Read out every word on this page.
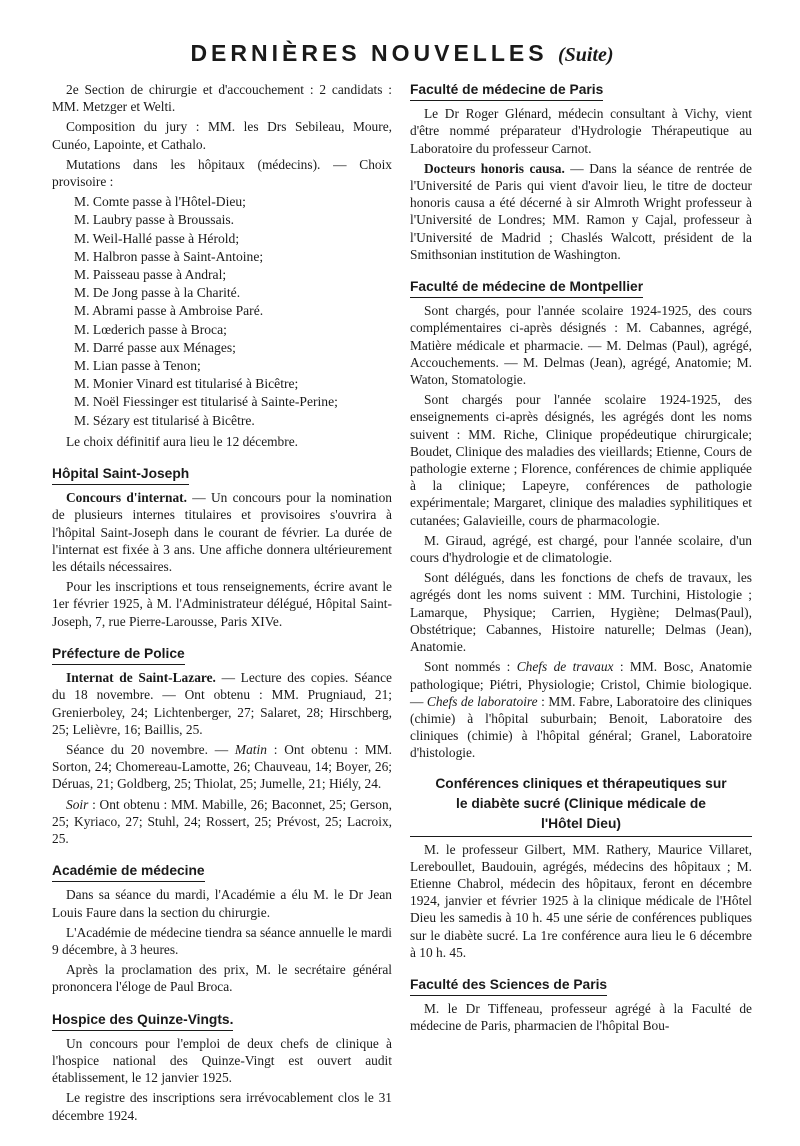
DERNIÈRES NOUVELLES (Suite)

2e Section de chirurgie et d'accouchement : 2 candidats : MM. Metzger et Welti.

Composition du jury : MM. les Drs Sebileau, Moure, Cunéo, Lapointe, et Cathalo.

Mutations dans les hôpitaux (médecins). — Choix provisoire :

M. Comte passe à l'Hôtel-Dieu;
M. Laubry passe à Broussais.
M. Weil-Hallé passe à Hérold;
M. Halbron passe à Saint-Antoine;
M. Paisseau passe à Andral;
M. De Jong passe à la Charité.
M. Abrami passe à Ambroise Paré.
M. Lœderich passe à Broca;
M. Darré passe aux Ménages;
M. Lian passe à Tenon;
M. Monier Vinard est titularisé à Bicêtre;
M. Noël Fiessinger est titularisé à Sainte-Perine;
M. Sézary est titularisé à Bicêtre.

Le choix définitif aura lieu le 12 décembre.

Hôpital Saint-Joseph

Concours d'internat. — Un concours pour la nomination de plusieurs internes titulaires et provisoires s'ouvrira à l'hôpital Saint-Joseph dans le courant de février. La durée de l'internat est fixée à 3 ans. Une affiche donnera ultérieurement les détails nécessaires.

Pour les inscriptions et tous renseignements, écrire avant le 1er février 1925, à M. l'Administrateur délégué, Hôpital Saint-Joseph, 7, rue Pierre-Larousse, Paris XIVe.

Préfecture de Police

Internat de Saint-Lazare. — Lecture des copies. Séance du 18 novembre. — Ont obtenu : MM. Prugniaud, 21; Grenierboley, 24; Lichtenberger, 27; Salaret, 28; Hirschberg, 25; Lelièvre, 16; Baillis, 25.

Séance du 20 novembre. — Matin : Ont obtenu : MM. Sorton, 24; Chomereau-Lamotte, 26; Chauveau, 14; Boyer, 26; Déruas, 21; Goldberg, 25; Thiolat, 25; Jumelle, 21; Hiély, 24.

Soir : Ont obtenu : MM. Mabille, 26; Baconnet, 25; Gerson, 25; Kyriaco, 27; Stuhl, 24; Rossert, 25; Prévost, 25; Lacroix, 25.

Académie de médecine

Dans sa séance du mardi, l'Académie a élu M. le Dr Jean Louis Faure dans la section du chirurgie.

L'Académie de médecine tiendra sa séance annuelle le mardi 9 décembre, à 3 heures.

Après la proclamation des prix, M. le secrétaire général prononcera l'éloge de Paul Broca.

Hospice des Quinze-Vingts.

Un concours pour l'emploi de deux chefs de clinique à l'hospice national des Quinze-Vingt est ouvert audit établissement, le 12 janvier 1925.

Le registre des inscriptions sera irrévocablement clos le 31 décembre 1924.

Faculté de médecine de Paris

Le Dr Roger Glénard, médecin consultant à Vichy, vient d'être nommé préparateur d'Hydrologie Thérapeutique au Laboratoire du professeur Carnot.

Docteurs honoris causa. — Dans la séance de rentrée de l'Université de Paris qui vient d'avoir lieu, le titre de docteur honoris causa a été décerné à sir Almroth Wright professeur à l'Université de Londres; MM. Ramon y Cajal, professeur à l'Université de Madrid ; Chaslés Walcott, président de la Smithsonian institution de Washington.

Faculté de médecine de Montpellier

Sont chargés, pour l'année scolaire 1924-1925, des cours complémentaires ci-après désignés : M. Cabannes, agrégé, Matière médicale et pharmacie. — M. Delmas (Paul), agrégé, Accouchements. — M. Delmas (Jean), agrégé, Anatomie; M. Waton, Stomatologie.

Sont chargés pour l'année scolaire 1924-1925, des enseignements ci-après désignés, les agrégés dont les noms suivent : MM. Riche, Clinique propédeutique chirurgicale; Boudet, Clinique des maladies des vieillards; Etienne, Cours de pathologie externe ; Florence, conférences de chimie appliquée à la clinique; Lapeyre, conférences de pathologie expérimentale; Margaret, clinique des maladies syphilitiques et cutanées; Galavieille, cours de pharmacologie.

M. Giraud, agrégé, est chargé, pour l'année scolaire, d'un cours d'hydrologie et de climatologie.

Sont délégués, dans les fonctions de chefs de travaux, les agrégés dont les noms suivent : MM. Turchini, Histologie ; Lamarque, Physique; Carrien, Hygiène; Delmas(Paul), Obstétrique; Cabannes, Histoire naturelle; Delmas (Jean), Anatomie.

Sont nommés : Chefs de travaux : MM. Bosc, Anatomie pathologique; Piétri, Physiologie; Cristol, Chimie biologique. — Chefs de laboratoire : MM. Fabre, Laboratoire des cliniques (chimie) à l'hôpital suburbain; Benoit, Laboratoire des cliniques (chimie) à l'hôpital général; Granel, Laboratoire d'histologie.

Conférences cliniques et thérapeutiques sur
le diabète sucré (Clinique médicale de
l'Hôtel Dieu)

M. le professeur Gilbert, MM. Rathery, Maurice Villaret, Lereboullet, Baudouin, agrégés, médecins des hôpitaux ; M. Etienne Chabrol, médecin des hôpitaux, feront en décembre 1924, janvier et février 1925 à la clinique médicale de l'Hôtel Dieu les samedis à 10 h. 45 une série de conférences publiques sur le diabète sucré. La 1re conférence aura lieu le 6 décembre à 10 h. 45.

Faculté des Sciences de Paris

M. le Dr Tiffeneau, professeur agrégé à la Faculté de médecine de Paris, pharmacien de l'hôpital Bou-
